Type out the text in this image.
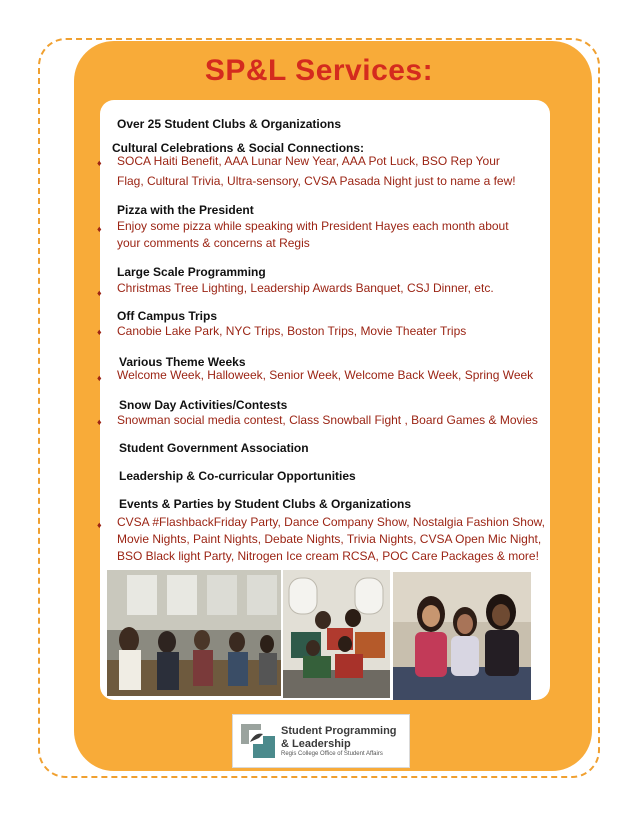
SP&L Services:
Over 25 Student Clubs & Organizations
Cultural Celebrations & Social Connections:
♦ SOCA Haiti Benefit, AAA Lunar New Year, AAA Pot Luck, BSO Rep Your
Flag, Cultural Trivia, Ultra-sensory, CVSA Pasada Night just to name a few!
Pizza with the President
♦ Enjoy some pizza while speaking with President Hayes each month about
your comments & concerns at Regis
Large Scale Programming
♦ Christmas Tree Lighting, Leadership Awards Banquet, CSJ Dinner, etc.
Off Campus Trips
♦ Canobie Lake Park, NYC Trips, Boston Trips, Movie Theater Trips
Various Theme Weeks
♦ Welcome Week, Halloweek, Senior Week, Welcome Back Week, Spring Week
Snow Day Activities/Contests
♦ Snowman social media contest, Class Snowball Fight , Board Games & Movies
Student Government Association
Leadership & Co-curricular Opportunities
Events & Parties by Student Clubs & Organizations
♦ CVSA #FlashbackFriday Party, Dance Company Show, Nostalgia Fashion Show,
Movie Nights, Paint Nights, Debate Nights, Trivia Nights, CVSA Open Mic Night,
BSO Black light Party, Nitrogen Ice cream RCSA, POC Care Packages & more!
Student Programming
& Leadership
Regis College Office of Student Affairs
